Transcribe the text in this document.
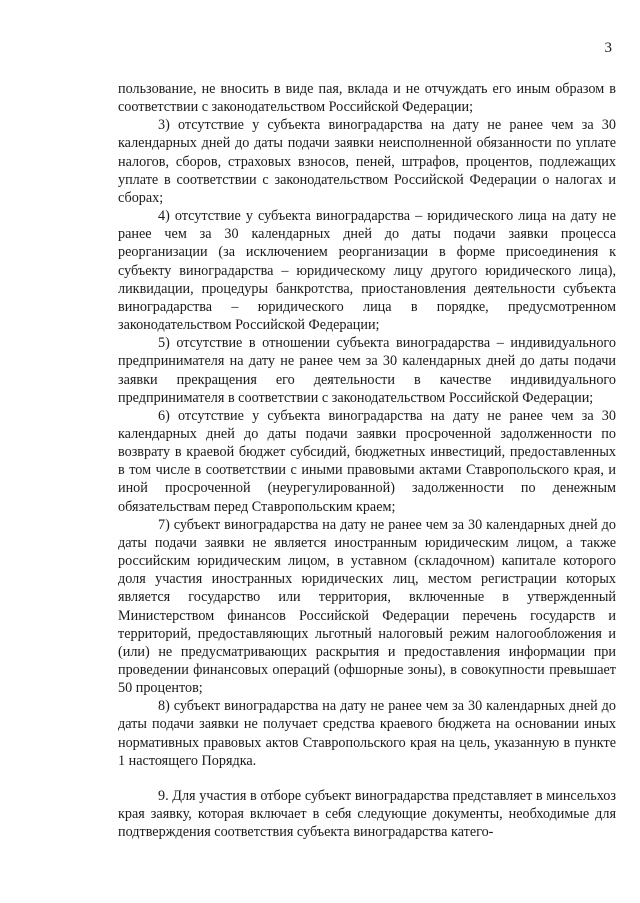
3

пользование, не вносить в виде пая, вклада и не отчуждать его иным образом в соответствии с законодательством Российской Федерации;

3) отсутствие у субъекта виноградарства на дату не ранее чем за 30 календарных дней до даты подачи заявки неисполненной обязанности по уплате налогов, сборов, страховых взносов, пеней, штрафов, процентов, подлежащих уплате в соответствии с законодательством Российской Федерации о налогах и сборах;

4) отсутствие у субъекта виноградарства – юридического лица на дату не ранее чем за 30 календарных дней до даты подачи заявки процесса реорганизации (за исключением реорганизации в форме присоединения к субъекту виноградарства – юридическому лицу другого юридического лица), ликвидации, процедуры банкротства, приостановления деятельности субъекта виноградарства – юридического лица в порядке, предусмотренном законодательством Российской Федерации;

5) отсутствие в отношении субъекта виноградарства – индивидуального предпринимателя на дату не ранее чем за 30 календарных дней до даты подачи заявки прекращения его деятельности в качестве индивидуального предпринимателя в соответствии с законодательством Российской Федерации;

6) отсутствие у субъекта виноградарства на дату не ранее чем за 30 календарных дней до даты подачи заявки просроченной задолженности по возврату в краевой бюджет субсидий, бюджетных инвестиций, предоставленных в том числе в соответствии с иными правовыми актами Ставропольского края, и иной просроченной (неурегулированной) задолженности по денежным обязательствам перед Ставропольским краем;

7) субъект виноградарства на дату не ранее чем за 30 календарных дней до даты подачи заявки не является иностранным юридическим лицом, а также российским юридическим лицом, в уставном (складочном) капитале которого доля участия иностранных юридических лиц, местом регистрации которых является государство или территория, включенные в утвержденный Министерством финансов Российской Федерации перечень государств и территорий, предоставляющих льготный налоговый режим налогообложения и (или) не предусматривающих раскрытия и предоставления информации при проведении финансовых операций (офшорные зоны), в совокупности превышает 50 процентов;

8) субъект виноградарства на дату не ранее чем за 30 календарных дней до даты подачи заявки не получает средства краевого бюджета на основании иных нормативных правовых актов Ставропольского края на цель, указанную в пункте 1 настоящего Порядка.

9. Для участия в отборе субъект виноградарства представляет в минсельхоз края заявку, которая включает в себя следующие документы, необходимые для подтверждения соответствия субъекта виноградарства катего-
